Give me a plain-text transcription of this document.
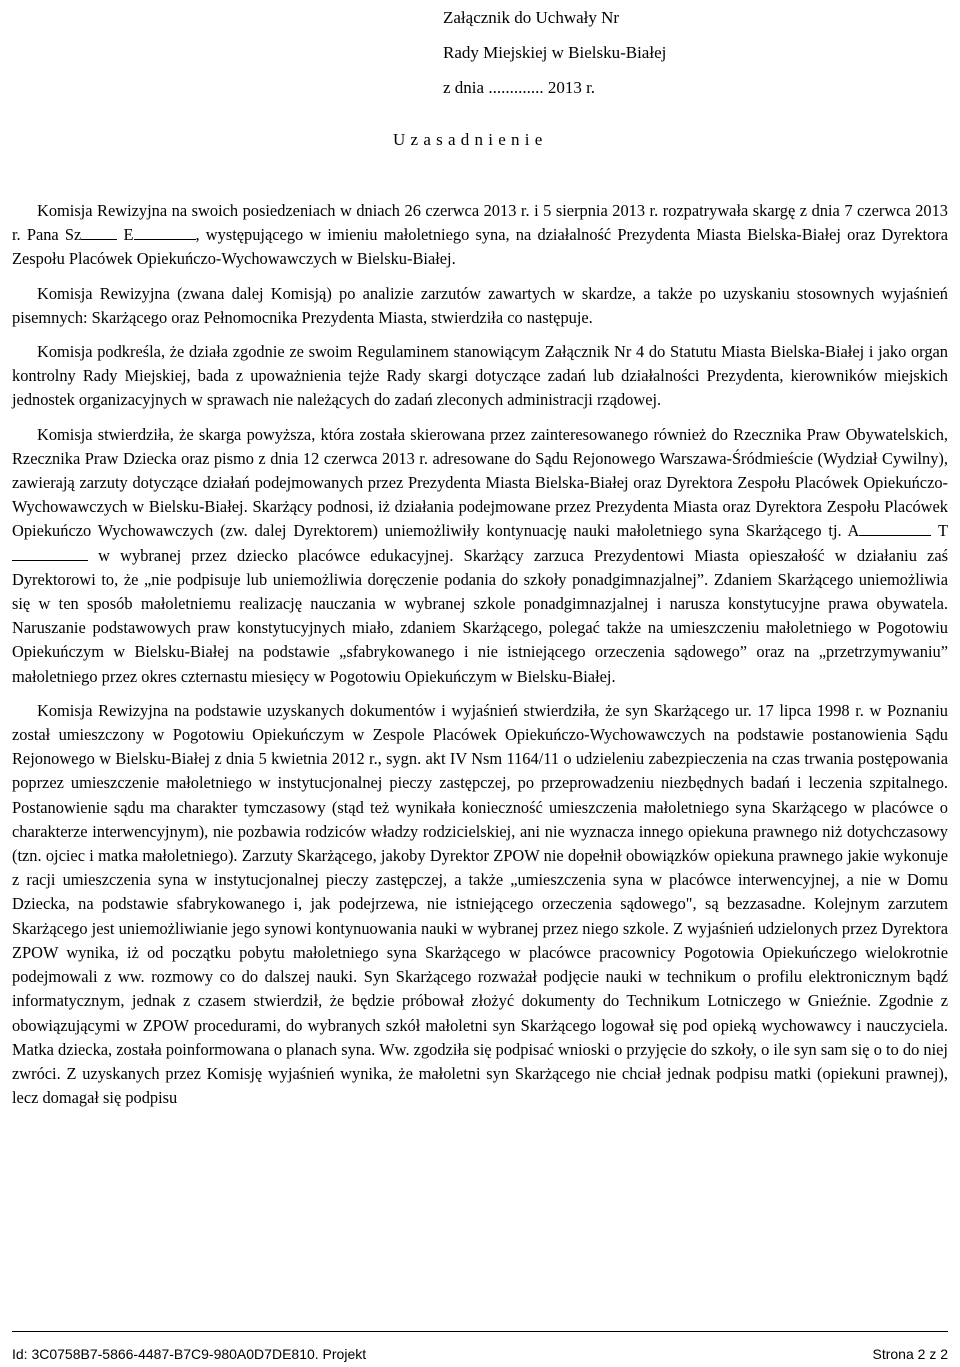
Załącznik do Uchwały Nr
Rady Miejskiej w Bielsku-Białej
z dnia ............. 2013 r.
U z a s a d n i e n i e

Komisja Rewizyjna na swoich posiedzeniach w dniach 26 czerwca 2013 r. i 5 sierpnia 2013 r. rozpatrywała skargę z dnia 7 czerwca 2013 r. Pana Sz	E	, występującego w imieniu małoletniego syna, na działalność Prezydenta Miasta Bielska-Białej oraz Dyrektora Zespołu Placówek Opiekuńczo-Wychowawczych w Bielsku-Białej.

Komisja Rewizyjna (zwana dalej Komisją) po analizie zarzutów zawartych w skardze, a także po uzyskaniu stosownych wyjaśnień pisemnych: Skarżącego oraz Pełnomocnika Prezydenta Miasta, stwierdziła co następuje.

Komisja podkreśla, że działa zgodnie ze swoim Regulaminem stanowiącym Załącznik Nr 4 do Statutu Miasta Bielska-Białej i jako organ kontrolny Rady Miejskiej, bada z upoważnienia tejże Rady skargi dotyczące zadań lub działalności Prezydenta, kierowników miejskich jednostek organizacyjnych w sprawach nie należących do zadań zleconych administracji rządowej.

Komisja stwierdziła, że skarga powyższa, która została skierowana przez zainteresowanego również do Rzecznika Praw Obywatelskich, Rzecznika Praw Dziecka oraz pismo z dnia 12 czerwca 2013 r. adresowane do Sądu Rejonowego Warszawa-Śródmieście (Wydział Cywilny), zawierają zarzuty dotyczące działań podejmowanych przez Prezydenta Miasta Bielska-Białej oraz Dyrektora Zespołu Placówek Opiekuńczo-Wychowawczych w Bielsku-Białej. Skarżący podnosi, iż działania podejmowane przez Prezydenta Miasta oraz Dyrektora Zespołu Placówek Opiekuńczo Wychowawczych (zw. dalej Dyrektorem) uniemożliwiły kontynuację nauki małoletniego syna Skarżącego tj. A	T w wybranej przez dziecko placówce edukacyjnej. Skarżący zarzuca Prezydentowi Miasta opieszałość w działaniu zaś Dyrektorowi to, że „nie podpisuje lub uniemożliwia doręczenie podania do szkoły ponadgimnazjalnej”. Zdaniem Skarżącego uniemożliwia się w ten sposób małoletniemu realizację nauczania w wybranej szkole ponadgimnazjalnej i narusza konstytucyjne prawa obywatela. Naruszanie podstawowych praw konstytucyjnych miało, zdaniem Skarżącego, polegać także na umieszczeniu małoletniego w Pogotowiu Opiekuńczym w Bielsku-Białej na podstawie „sfabrykowanego i nie istniejącego orzeczenia sądowego” oraz na „przetrzymywaniu” małoletniego przez okres czternastu miesięcy w Pogotowiu Opiekuńczym w Bielsku-Białej.

Komisja Rewizyjna na podstawie uzyskanych dokumentów i wyjaśnień stwierdziła, że syn Skarżącego ur. 17 lipca 1998 r. w Poznaniu został umieszczony w Pogotowiu Opiekuńczym w Zespole Placówek Opiekuńczo-Wychowawczych na podstawie postanowienia Sądu Rejonowego w Bielsku-Białej z dnia 5 kwietnia 2012 r., sygn. akt IV Nsm 1164/11 o udzieleniu zabezpieczenia na czas trwania postępowania poprzez umieszczenie małoletniego w instytucjonalnej pieczy zastępczej, po przeprowadzeniu niezbędnych badań i leczenia szpitalnego. Postanowienie sądu ma charakter tymczasowy (stąd też wynikała konieczność umieszczenia małoletniego syna Skarżącego w placówce o charakterze interwencyjnym), nie pozbawia rodziców władzy rodzicielskiej, ani nie wyznacza innego opiekuna prawnego niż dotychczasowy (tzn. ojciec i matka małoletniego). Zarzuty Skarżącego, jakoby Dyrektor ZPOW nie dopełnił obowiązków opiekuna prawnego jakie wykonuje z racji umieszczenia syna w instytucjonalnej pieczy zastępczej, a także „umieszczenia syna w placówce interwencyjnej, a nie w Domu Dziecka, na podstawie sfabrykowanego i, jak podejrzewa, nie istniejącego orzeczenia sądowego", są bezzasadne. Kolejnym zarzutem Skarżącego jest uniemożliwianie jego synowi kontynuowania nauki w wybranej przez niego szkole. Z wyjaśnień udzielonych przez Dyrektora ZPOW wynika, iż od początku pobytu małoletniego syna Skarżącego w placówce pracownicy Pogotowia Opiekuńczego wielokrotnie podejmowali z ww. rozmowy co do dalszej nauki. Syn Skarżącego rozważał podjęcie nauki w technikum o profilu elektronicznym bądź informatycznym, jednak z czasem stwierdził, że będzie próbował złożyć dokumenty do Technikum Lotniczego w Gnieźnie. Zgodnie z obowiązującymi w ZPOW procedurami, do wybranych szkół małoletni syn Skarżącego logował się pod opieką wychowawcy i nauczyciela. Matka dziecka, została poinformowana o planach syna. Ww. zgodziła się podpisać wnioski o przyjęcie do szkoły, o ile syn sam się o to do niej zwróci. Z uzyskanych przez Komisję wyjaśnień wynika, że małoletni syn Skarżącego nie chciał jednak podpisu matki (opiekuni prawnej), lecz domagał się podpisu

Id: 3C0758B7-5866-4487-B7C9-980A0D7DE810. Projekt	Strona 2 z 2
